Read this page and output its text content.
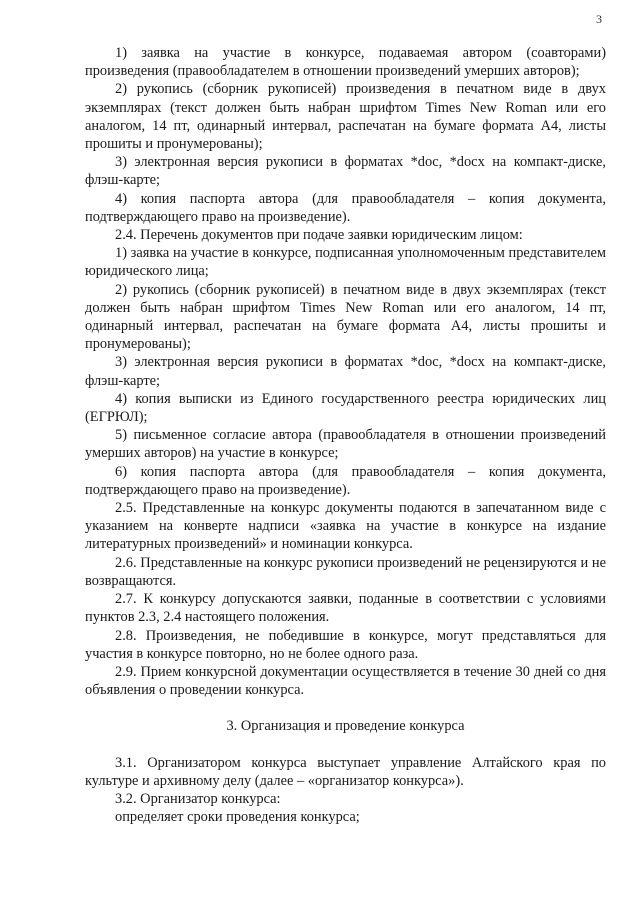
3

1) заявка на участие в конкурсе, подаваемая автором (соавторами) произведения (правообладателем в отношении произведений умерших авторов);

2) рукопись (сборник рукописей) произведения в печатном виде в двух экземплярах (текст должен быть набран шрифтом Times New Roman или его аналогом, 14 пт, одинарный интервал, распечатан на бумаге формата А4, листы прошиты и пронумерованы);

3) электронная версия рукописи в форматах *doc, *docx на компакт-диске, флэш-карте;

4) копия паспорта автора (для правообладателя – копия документа, подтверждающего право на произведение).

2.4. Перечень документов при подаче заявки юридическим лицом:

1) заявка на участие в конкурсе, подписанная уполномоченным представителем юридического лица;

2) рукопись (сборник рукописей) в печатном виде в двух экземплярах (текст должен быть набран шрифтом Times New Roman или его аналогом, 14 пт, одинарный интервал, распечатан на бумаге формата А4, листы прошиты и пронумерованы);

3) электронная версия рукописи в форматах *doc, *docx на компакт-диске, флэш-карте;

4) копия выписки из Единого государственного реестра юридических лиц (ЕГРЮЛ);

5) письменное согласие автора (правообладателя в отношении произведений умерших авторов) на участие в конкурсе;

6) копия паспорта автора (для правообладателя – копия документа, подтверждающего право на произведение).

2.5. Представленные на конкурс документы подаются в запечатанном виде с указанием на конверте надписи «заявка на участие в конкурсе на издание литературных произведений» и номинации конкурса.

2.6. Представленные на конкурс рукописи произведений не рецензируются и не возвращаются.

2.7. К конкурсу допускаются заявки, поданные в соответствии с условиями пунктов 2.3, 2.4 настоящего положения.

2.8. Произведения, не победившие в конкурсе, могут представляться для участия в конкурсе повторно, но не более одного раза.

2.9. Прием конкурсной документации осуществляется в течение 30 дней со дня объявления о проведении конкурса.

3. Организация и проведение конкурса

3.1. Организатором конкурса выступает управление Алтайского края по культуре и архивному делу (далее – «организатор конкурса»).

3.2. Организатор конкурса:

определяет сроки проведения конкурса;
